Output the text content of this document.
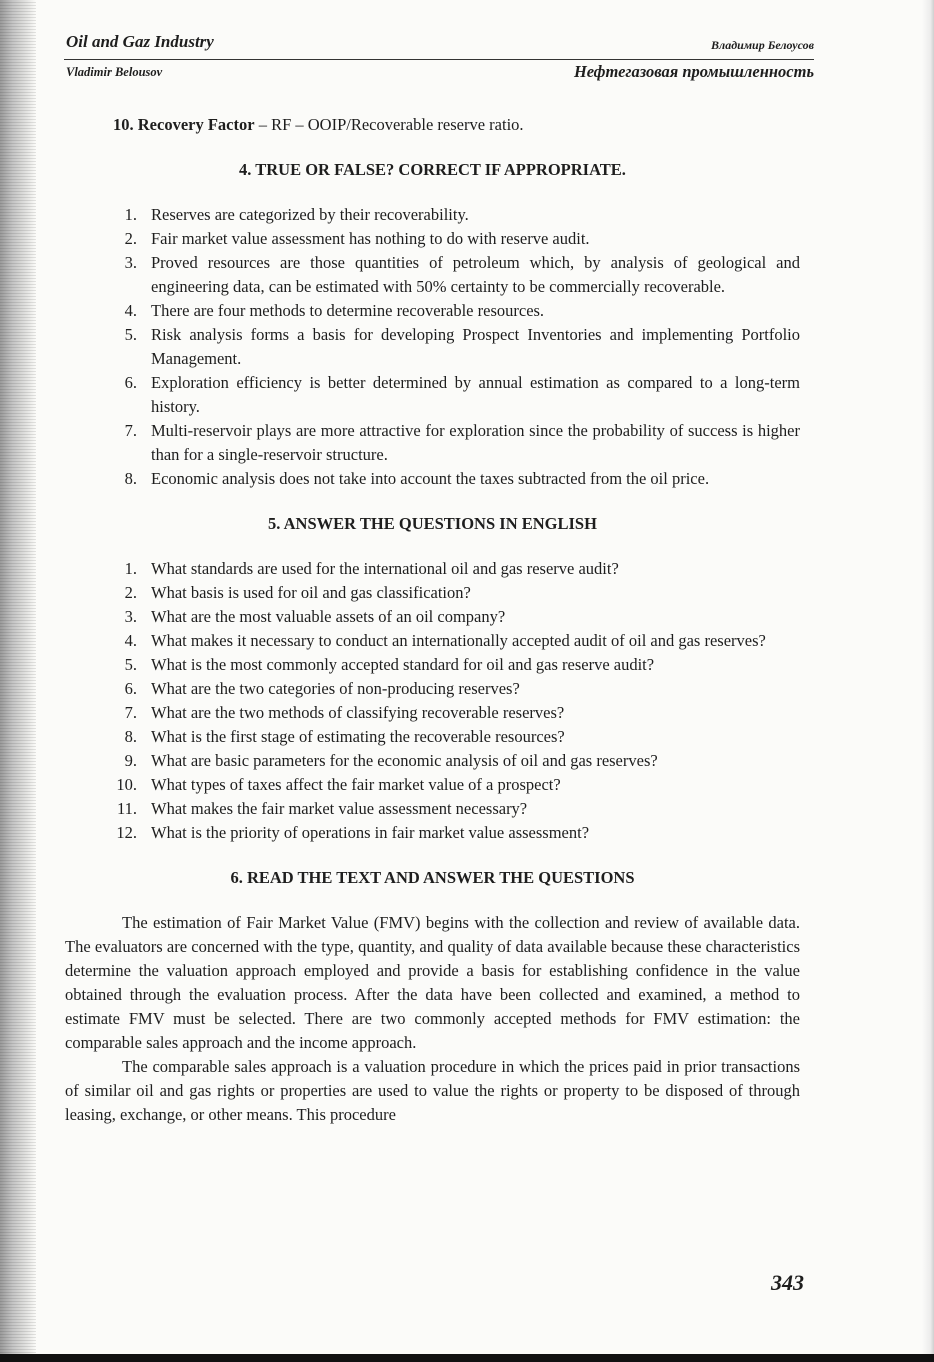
Oil and Gaz Industry	Владимир Белоусов
Vladimir Belousov	Нефтегазовая промышленность

10. Recovery Factor – RF – OOIP/Recoverable reserve ratio.

4. TRUE OR FALSE? CORRECT IF APPROPRIATE.
1. Reserves are categorized by their recoverability.
2. Fair market value assessment has nothing to do with reserve audit.
3. Proved resources are those quantities of petroleum which, by analysis of geological and engineering data, can be estimated with 50% certainty to be commercially recoverable.
4. There are four methods to determine recoverable resources.
5. Risk analysis forms a basis for developing Prospect Inventories and implementing Portfolio Management.
6. Exploration efficiency is better determined by annual estimation as compared to a long-term history.
7. Multi-reservoir plays are more attractive for exploration since the probability of success is higher than for a single-reservoir structure.
8. Economic analysis does not take into account the taxes subtracted from the oil price.
5. ANSWER THE QUESTIONS IN ENGLISH
1. What standards are used for the international oil and gas reserve audit?
2. What basis is used for oil and gas classification?
3. What are the most valuable assets of an oil company?
4. What makes it necessary to conduct an internationally accepted audit of oil and gas reserves?
5. What is the most commonly accepted standard for oil and gas reserve audit?
6. What are the two categories of non-producing reserves?
7. What are the two methods of classifying recoverable reserves?
8. What is the first stage of estimating the recoverable resources?
9. What are basic parameters for the economic analysis of oil and gas reserves?
10. What types of taxes affect the fair market value of a prospect?
11. What makes the fair market value assessment necessary?
12. What is the priority of operations in fair market value assessment?
6. READ THE TEXT AND ANSWER THE QUESTIONS

The estimation of Fair Market Value (FMV) begins with the collection and review of available data. The evaluators are concerned with the type, quantity, and quality of data available because these characteristics determine the valuation approach employed and provide a basis for establishing confidence in the value obtained through the evaluation process. After the data have been collected and examined, a method to estimate FMV must be selected. There are two commonly accepted methods for FMV estimation: the comparable sales approach and the income approach.

The comparable sales approach is a valuation procedure in which the prices paid in prior transactions of similar oil and gas rights or properties are used to value the rights or property to be disposed of through leasing, exchange, or other means. This procedure

343
